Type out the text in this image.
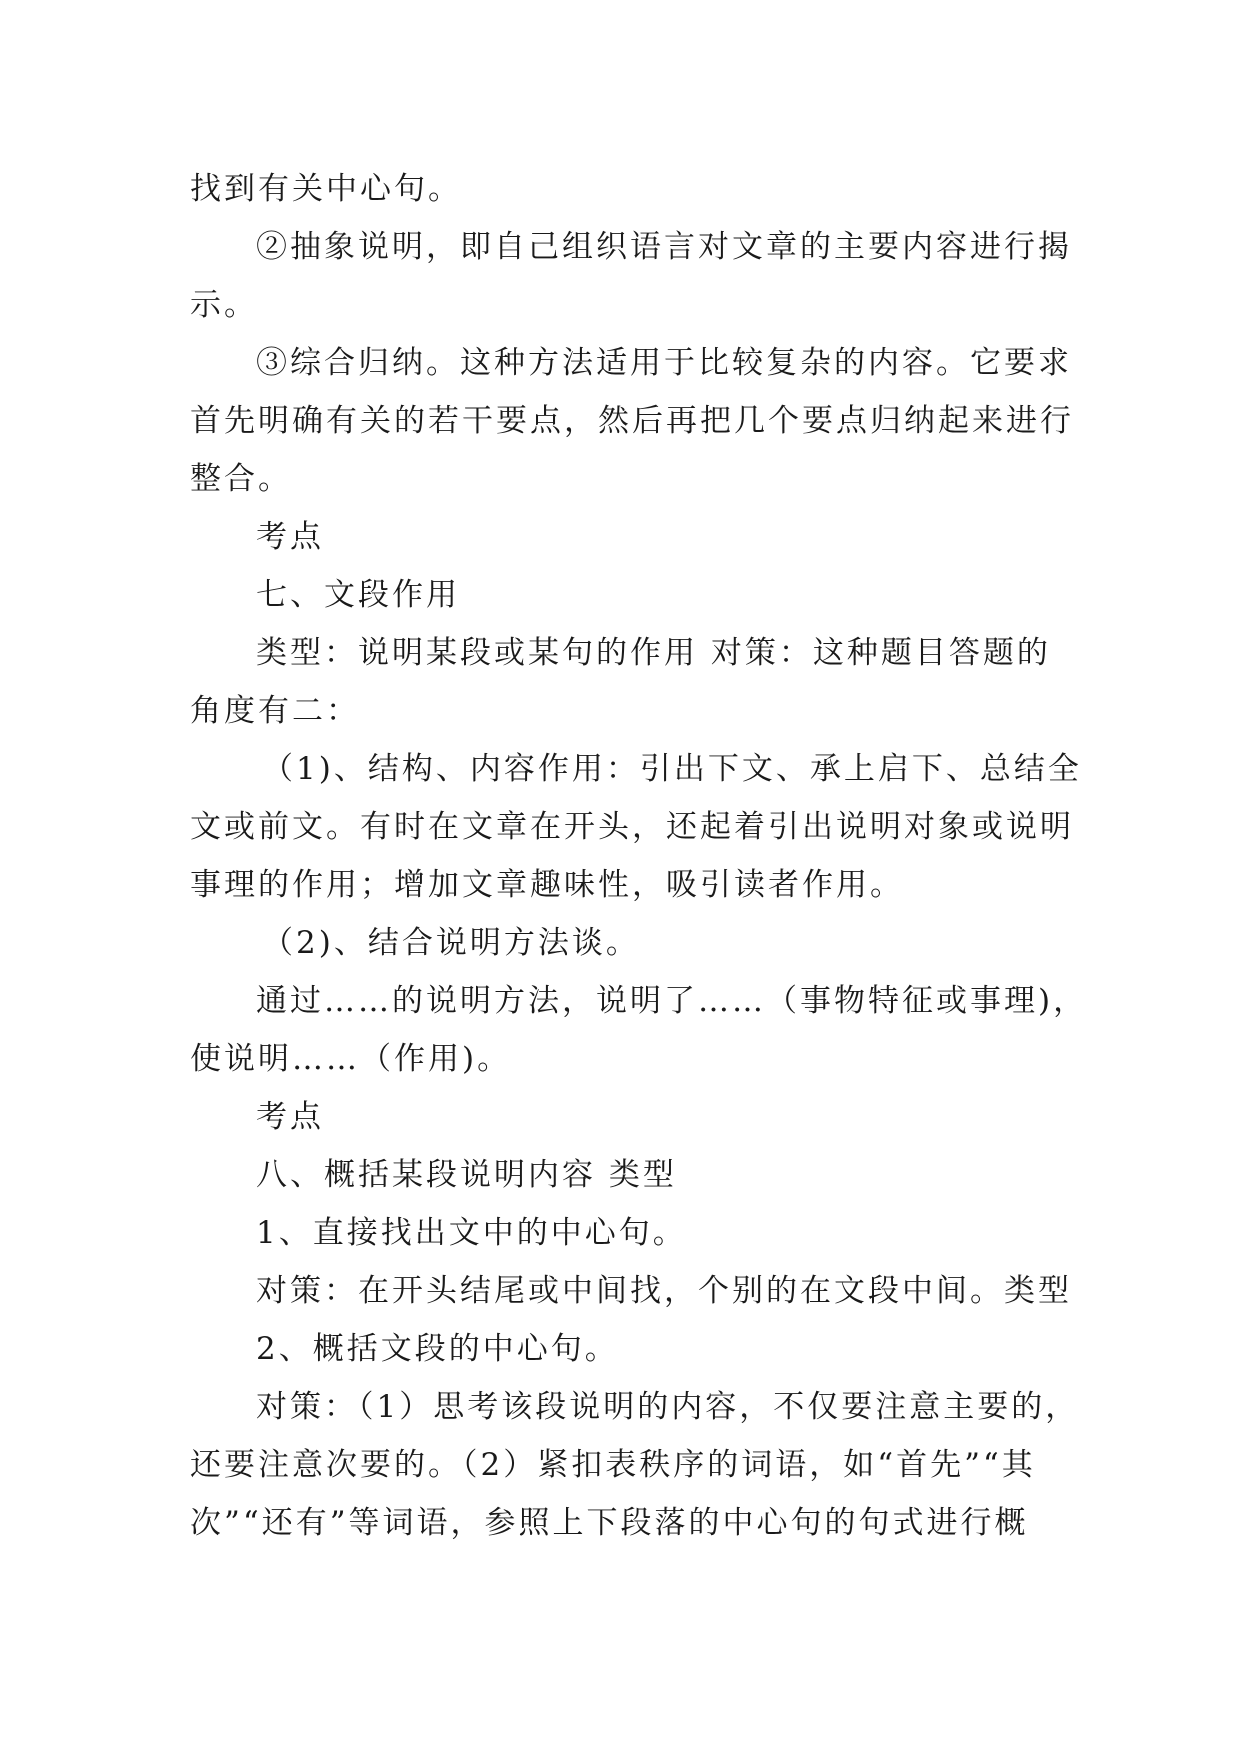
找到有关中心句。
②抽象说明，即自己组织语言对文章的主要内容进行揭
示。
③综合归纳。这种方法适用于比较复杂的内容。它要求
首先明确有关的若干要点，然后再把几个要点归纳起来进行
整合。
考点
七、文段作用
类型：说明某段或某句的作用 对策：这种题目答题的
角度有二：
（1)、结构、内容作用：引出下文、承上启下、总结全
文或前文。有时在文章在开头，还起着引出说明对象或说明
事理的作用；增加文章趣味性，吸引读者作用。
（2)、结合说明方法谈。
通过……的说明方法，说明了……（事物特征或事理)，
使说明……（作用)。
考点
八、概括某段说明内容 类型
1、直接找出文中的中心句。
对策：在开头结尾或中间找，个别的在文段中间。类型
2、概括文段的中心句。
对策：（1）思考该段说明的内容，不仅要注意主要的，
还要注意次要的。（2）紧扣表秩序的词语，如“首先”“其
次”“还有”等词语，参照上下段落的中心句的句式进行概
